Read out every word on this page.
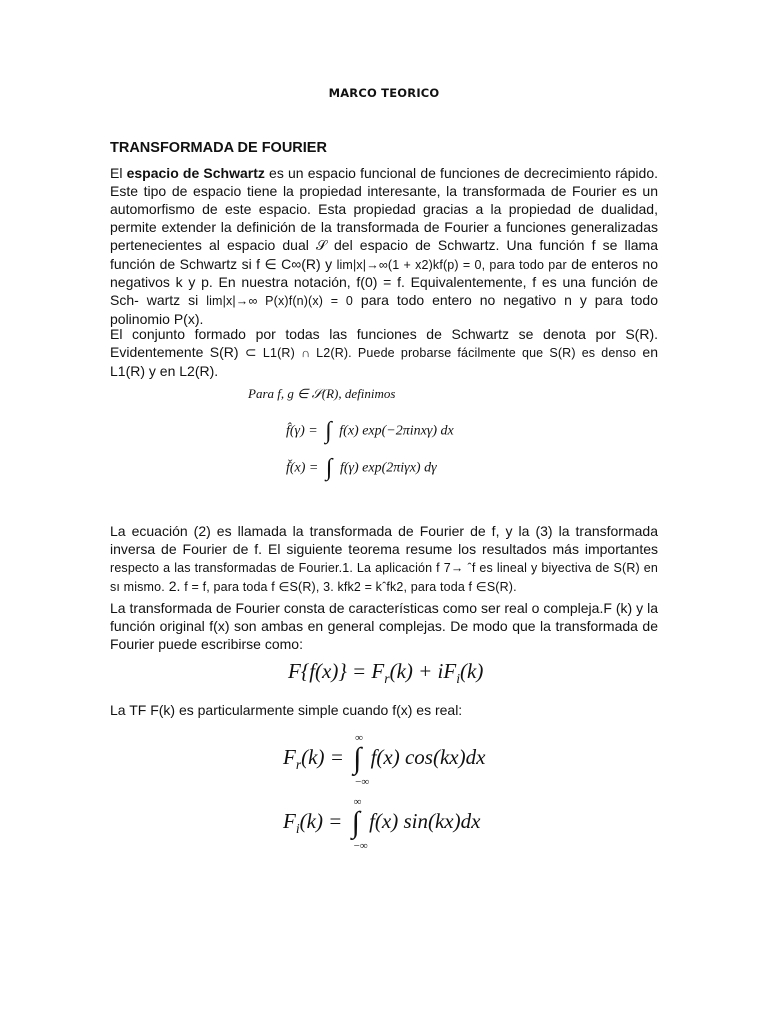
MARCO TEORICO
TRANSFORMADA DE FOURIER

El espacio de Schwartz es un espacio funcional de funciones de decrecimiento rápido. Este tipo de espacio tiene la propiedad interesante, la transformada de Fourier es un automorfismo de este espacio. Esta propiedad gracias a la propiedad de dualidad, permite extender la definición de la transformada de Fourier a funciones generalizadas pertenecientes al espacio dual 𝒮 del espacio de Schwartz. Una función f se llama función de Schwartz si f ∈ C∞(R) y lim|x|→∞(1 + x2)kf(p) = 0, para todo par de enteros no negativos k y p. En nuestra notación, f(0) = f. Equivalentemente, f es una función de Sch- wartz si lim|x|→∞ P(x)f(n)(x) = 0 para todo entero no negativo n y para todo polinomio P(x).

El conjunto formado por todas las funciones de Schwartz se denota por S(R). Evidentemente S(R) ⊂ L1(R) ∩ L2(R). Puede probarse fácilmente que S(R) es denso en L1(R) y en L2(R).

Para f, g ∈ 𝒮(R), definimos
f̂(γ) = ∫ f(x) exp(−2πinxγ) dx
f̌(x) = ∫ f(γ) exp(2πiγx) dγ

La ecuación (2) es llamada la transformada de Fourier de f, y la (3) la transformada inversa de Fourier de f. El siguiente teorema resume los resultados más importantes respecto a las transformadas de Fourier.1. La aplicación f 7→ ˆf es lineal y biyectiva de S(R) en sı mismo. 2. f = f, para toda f ∈S(R), 3. kfk2 = kˆfk2, para toda f ∈S(R).

La transformada de Fourier consta de características como ser real o compleja.F (k) y la función original f(x) son ambas en general complejas. De modo que la transformada de Fourier puede escribirse como:

$F\{f(x)\} = F_r(k) + iF_i(k)$

La TF F(k) es particularmente simple cuando f(x) es real:

$F_r(k)$ = ∫
∞
−∞
f(x) cos(kx)dx
$F_i(k)$ = ∫
∞
−∞
f(x) sin(kx)dx
